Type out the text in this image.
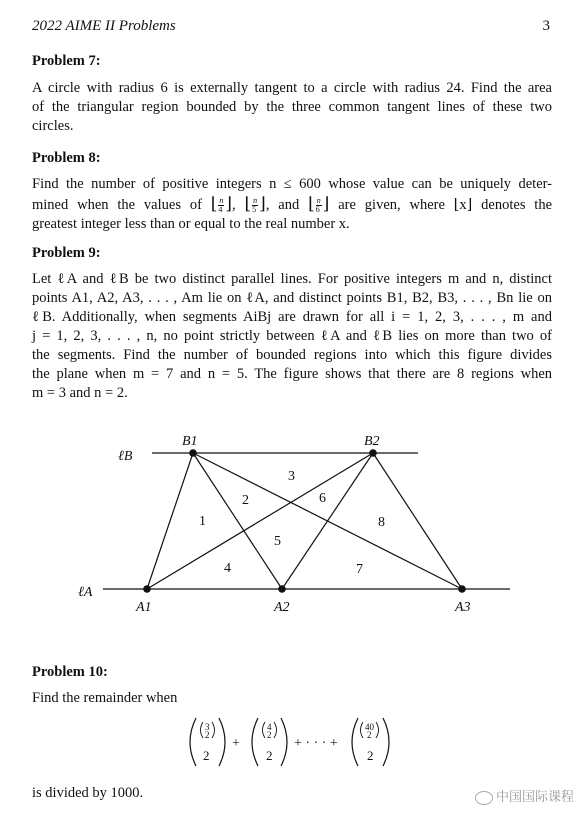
2022 AIME II Problems	3
Problem 7:
A circle with radius 6 is externally tangent to a circle with radius 24. Find the area
of the triangular region bounded by the three common tangent lines of these two
circles.
Problem 8:
Find the number of positive integers n ≤ 600 whose value can be uniquely deter-
mined when the values of ⌊ $\frac{n}{4}$ ⌋, ⌊ $\frac{n}{5}$ ⌋, and ⌊ $\frac{n}{6}$ ⌋ are given, where ⌊x⌋ denotes the
greatest integer less than or equal to the real number x.
Problem 9:
Let ℓA and ℓB be two distinct parallel lines. For positive integers m and n, distinct
points A1, A2, A3, . . . , Am lie on ℓA, and distinct points B1, B2, B3, . . . , Bn lie on
ℓB. Additionally, when segments AiBj are drawn for all i = 1, 2, 3, . . . , m and
j = 1, 2, 3, . . . , n, no point strictly between ℓA and ℓB lies on more than two of
the segments. Find the number of bounded regions into which this figure divides
the plane when m = 7 and n = 5. The figure shows that there are 8 regions when
m = 3 and n = 2.
ℓB
ℓA
B1	B2
A1	A2	A3
1
2
3
4
5
6
7
8
3
2
2
+
4
2
2
+ · · · +
40
2
2
Problem 10:
Find the remainder when
is divided by 1000.	中国国际课程
